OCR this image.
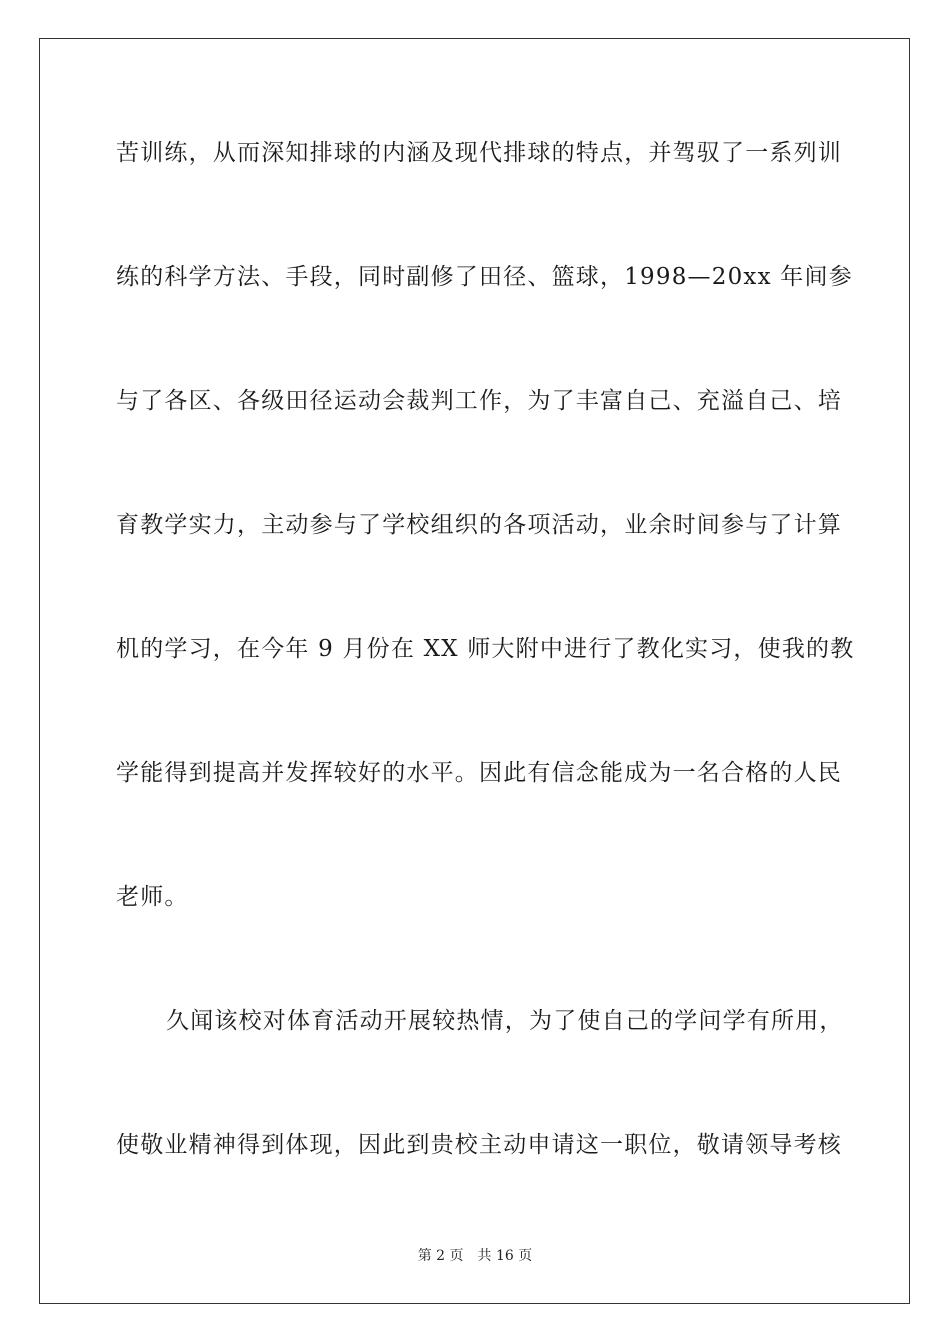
苦训练，从而深知排球的内涵及现代排球的特点，并驾驭了一系列训
练的科学方法、手段，同时副修了田径、篮球，1998—20xx 年间参
与了各区、各级田径运动会裁判工作，为了丰富自己、充溢自己、培
育教学实力，主动参与了学校组织的各项活动，业余时间参与了计算
机的学习，在今年 9 月份在 XX 师大附中进行了教化实习，使我的教
学能得到提高并发挥较好的水平。因此有信念能成为一名合格的人民
老师。
久闻该校对体育活动开展较热情，为了使自己的学问学有所用，
使敬业精神得到体现，因此到贵校主动申请这一职位，敬请领导考核
第 2 页 共 16 页
